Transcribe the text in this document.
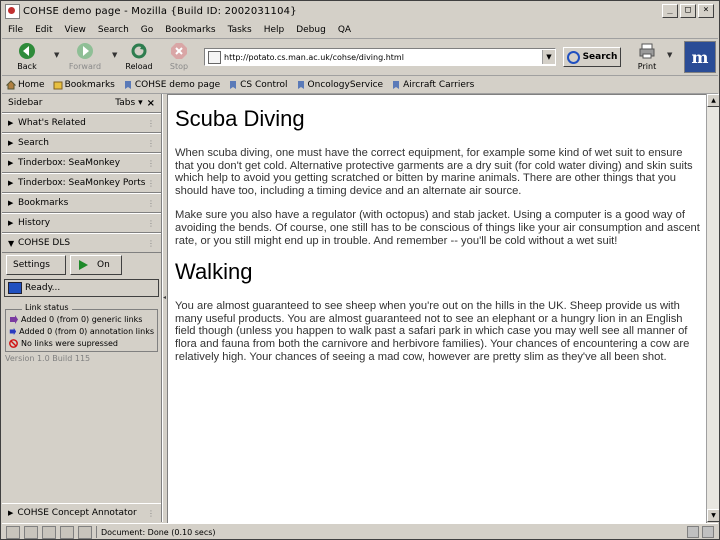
COHSE demo page - Mozilla {Build ID: 2002031104}	_	□	×
File	Edit	View	Search	Go	Bookmarks	Tasks	Help	Debug	QA
Back
▼
Forward
▼
Reload	Stop
http://potato.cs.man.ac.uk/cohse/diving.html	▼	Search
Print
▼	m
Home Bookmarks COHSE demo page CS Control OncologyService Aircraft Carriers
Sidebar	Tabs ▾ ×
▶ What's Related	⋮
▶ Search	⋮
▶ Tinderbox: SeaMonkey	⋮
▶ Tinderbox: SeaMonkey Ports ⋮
▶ Bookmarks	⋮
▶ History	⋮
▼ COHSE DLS	⋮
Settings	On
Ready...
Link status
Added 0 (from 0) generic links
Added 0 (from 0) annotation links
No links were supressed
Version 1.0 Build 115
▶ COHSE Concept Annotator ⋮
◂
Scuba Diving

When scuba diving, one must have the correct equipment, for example some kind of wet suit to ensure that you don't get cold. Alternative protective garments are a dry suit (for cold water diving) and skin suits which help to avoid you getting scratched or bitten by marine animals. There are other things that you should have too, including a timing device and an alternate air source.

Make sure you also have a regulator (with octopus) and stab jacket. Using a computer is a good way of avoiding the bends. Of course, one still has to be conscious of things like your air consumption and ascent rate, or you still might end up in trouble. And remember -- you'll be cold without a wet suit!

Walking

You are almost guaranteed to see sheep when you're out on the hills in the UK. Sheep provide us with many useful products. You are almost guaranteed not to see an elephant or a hungry lion in an English field though (unless you happen to walk past a safari park in which case you may well see all manner of flora and fauna from both the carnivore and herbivore families). Your chances of encountering a cow are relatively high. Your chances of seeing a mad cow, however are pretty slim as they've all been shot.

▲
▼
Document: Done (0.10 secs)
